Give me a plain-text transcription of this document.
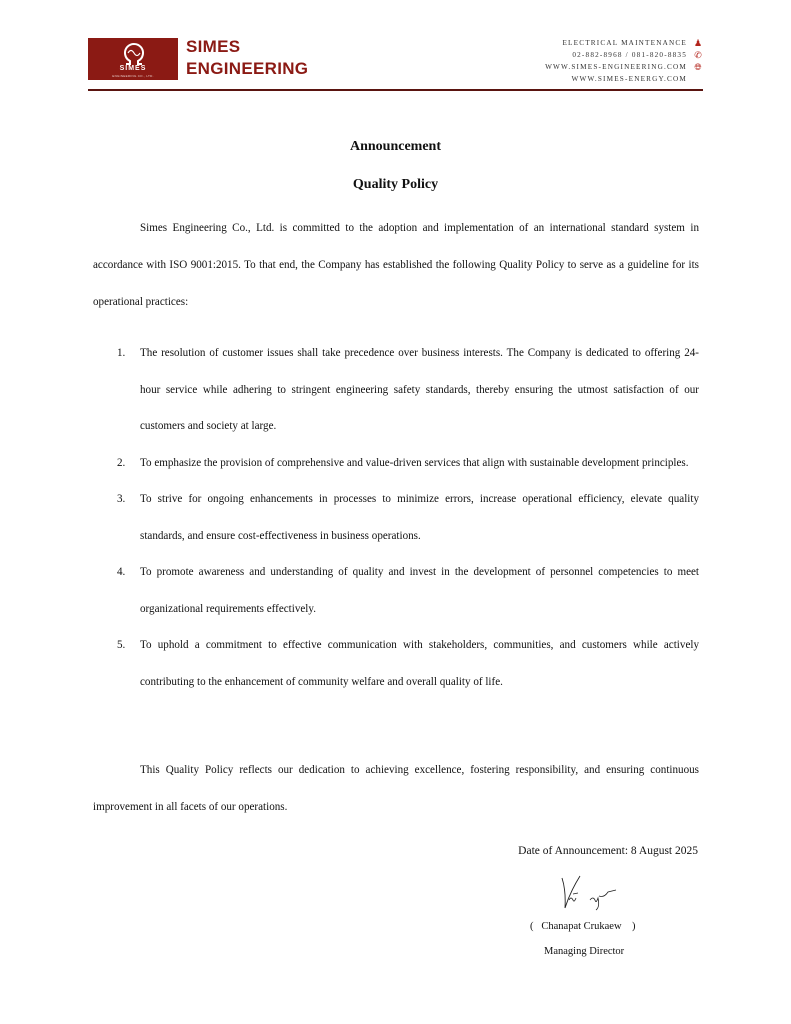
SIMES
ENGINEERING CO., LTD.
SIMES
ENGINEERING
ELECTRICAL MAINTENANCE ♟
02-882-8968 / 081-820-8835 ✆
WWW.SIMES-ENGINEERING.COM 🌐︎
WWW.SIMES-ENERGY.COM
Announcement
Quality Policy

Simes Engineering Co., Ltd. is committed to the adoption and implementation of an international standard system in accordance with ISO 9001:2015. To that end, the Company has established the following Quality Policy to serve as a guideline for its operational practices:

1. The resolution of customer issues shall take precedence over business interests. The Company is dedicated to offering 24-hour service while adhering to stringent engineering safety standards, thereby ensuring the utmost satisfaction of our customers and society at large.
2. To emphasize the provision of comprehensive and value-driven services that align with sustainable development principles.
3. To strive for ongoing enhancements in processes to minimize errors, increase operational efficiency, elevate quality standards, and ensure cost-effectiveness in business operations.
4. To promote awareness and understanding of quality and invest in the development of personnel competencies to meet organizational requirements effectively.
5. To uphold a commitment to effective communication with stakeholders, communities, and customers while actively contributing to the enhancement of community welfare and overall quality of life.

This Quality Policy reflects our dedication to achieving excellence, fostering responsibility, and ensuring continuous improvement in all facets of our operations.

Date of Announcement: 8 August 2025
(   Chanapat Crukaew    )
Managing Director
